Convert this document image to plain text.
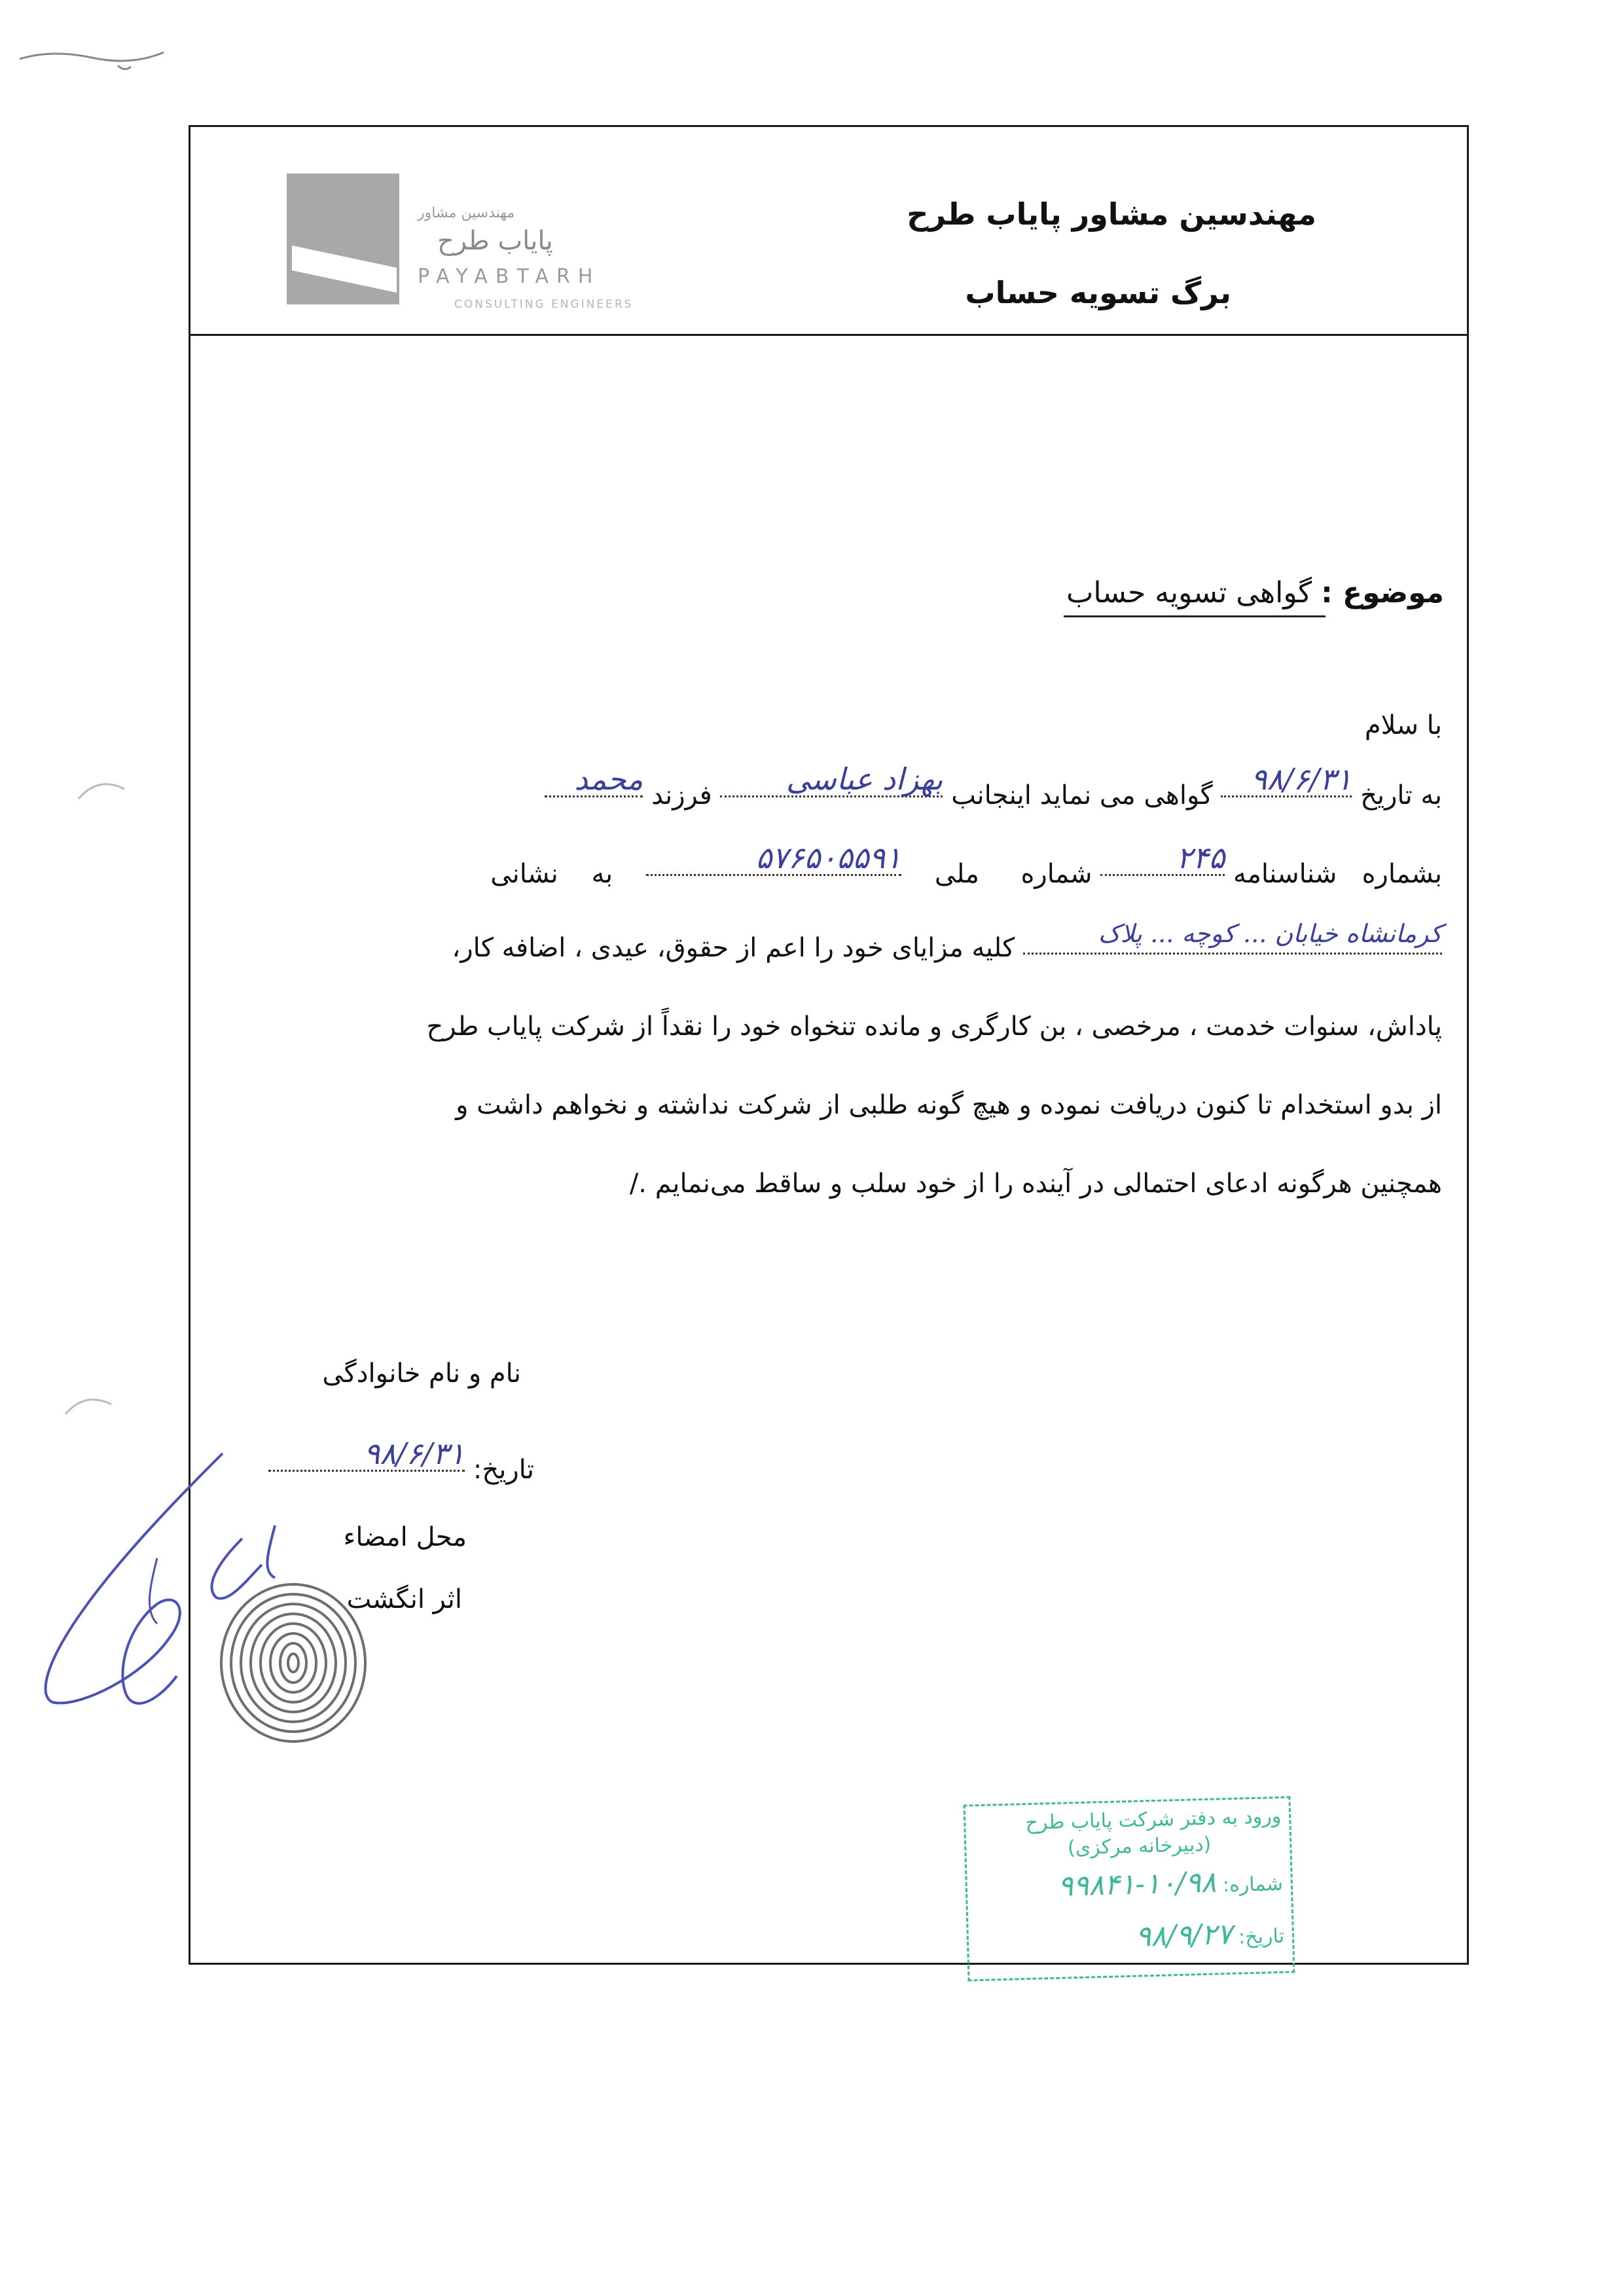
مهندسین مشاور
پایاب طرح
PAYABTARH
CONSULTING ENGINEERS
مهندسین مشاور پایاب طرح
برگ تسویه حساب
موضوع : گواهی تسویه حساب
با سلام
به تاریخ ۹۸/۶/۳۱ گواهی می نماید اینجانب بهزاد عباسی فرزند محمد
بشماره   شناسنامه ۲۴۵ شماره     ملی    ۵۷۶۵۰۵۵۹۱    به    نشانی
کرمانشاه خیابان ... کوچه ... پلاک کلیه مزایای خود را اعم از حقوق، عیدی ، اضافه کار،
پاداش، سنوات خدمت ، مرخصی ، بن کارگری و مانده تنخواه خود را نقداً از شرکت پایاب طرح
از بدو استخدام تا کنون دریافت نموده و هیچ گونه طلبی از شرکت نداشته و نخواهم داشت و
همچنین هرگونه ادعای احتمالی در آینده را از خود سلب و ساقط می‌نمایم ./
نام و نام خانوادگی
تاریخ: ۹۸/۶/۳۱
محل امضاء
اثر انگشت
ورود به دفتر شرکت پایاب طرح
(دبیرخانه مرکزی)
شماره: ۱۰/۹۸-۹۹۸۴۱
تاریخ: ۹۸/۹/۲۷
